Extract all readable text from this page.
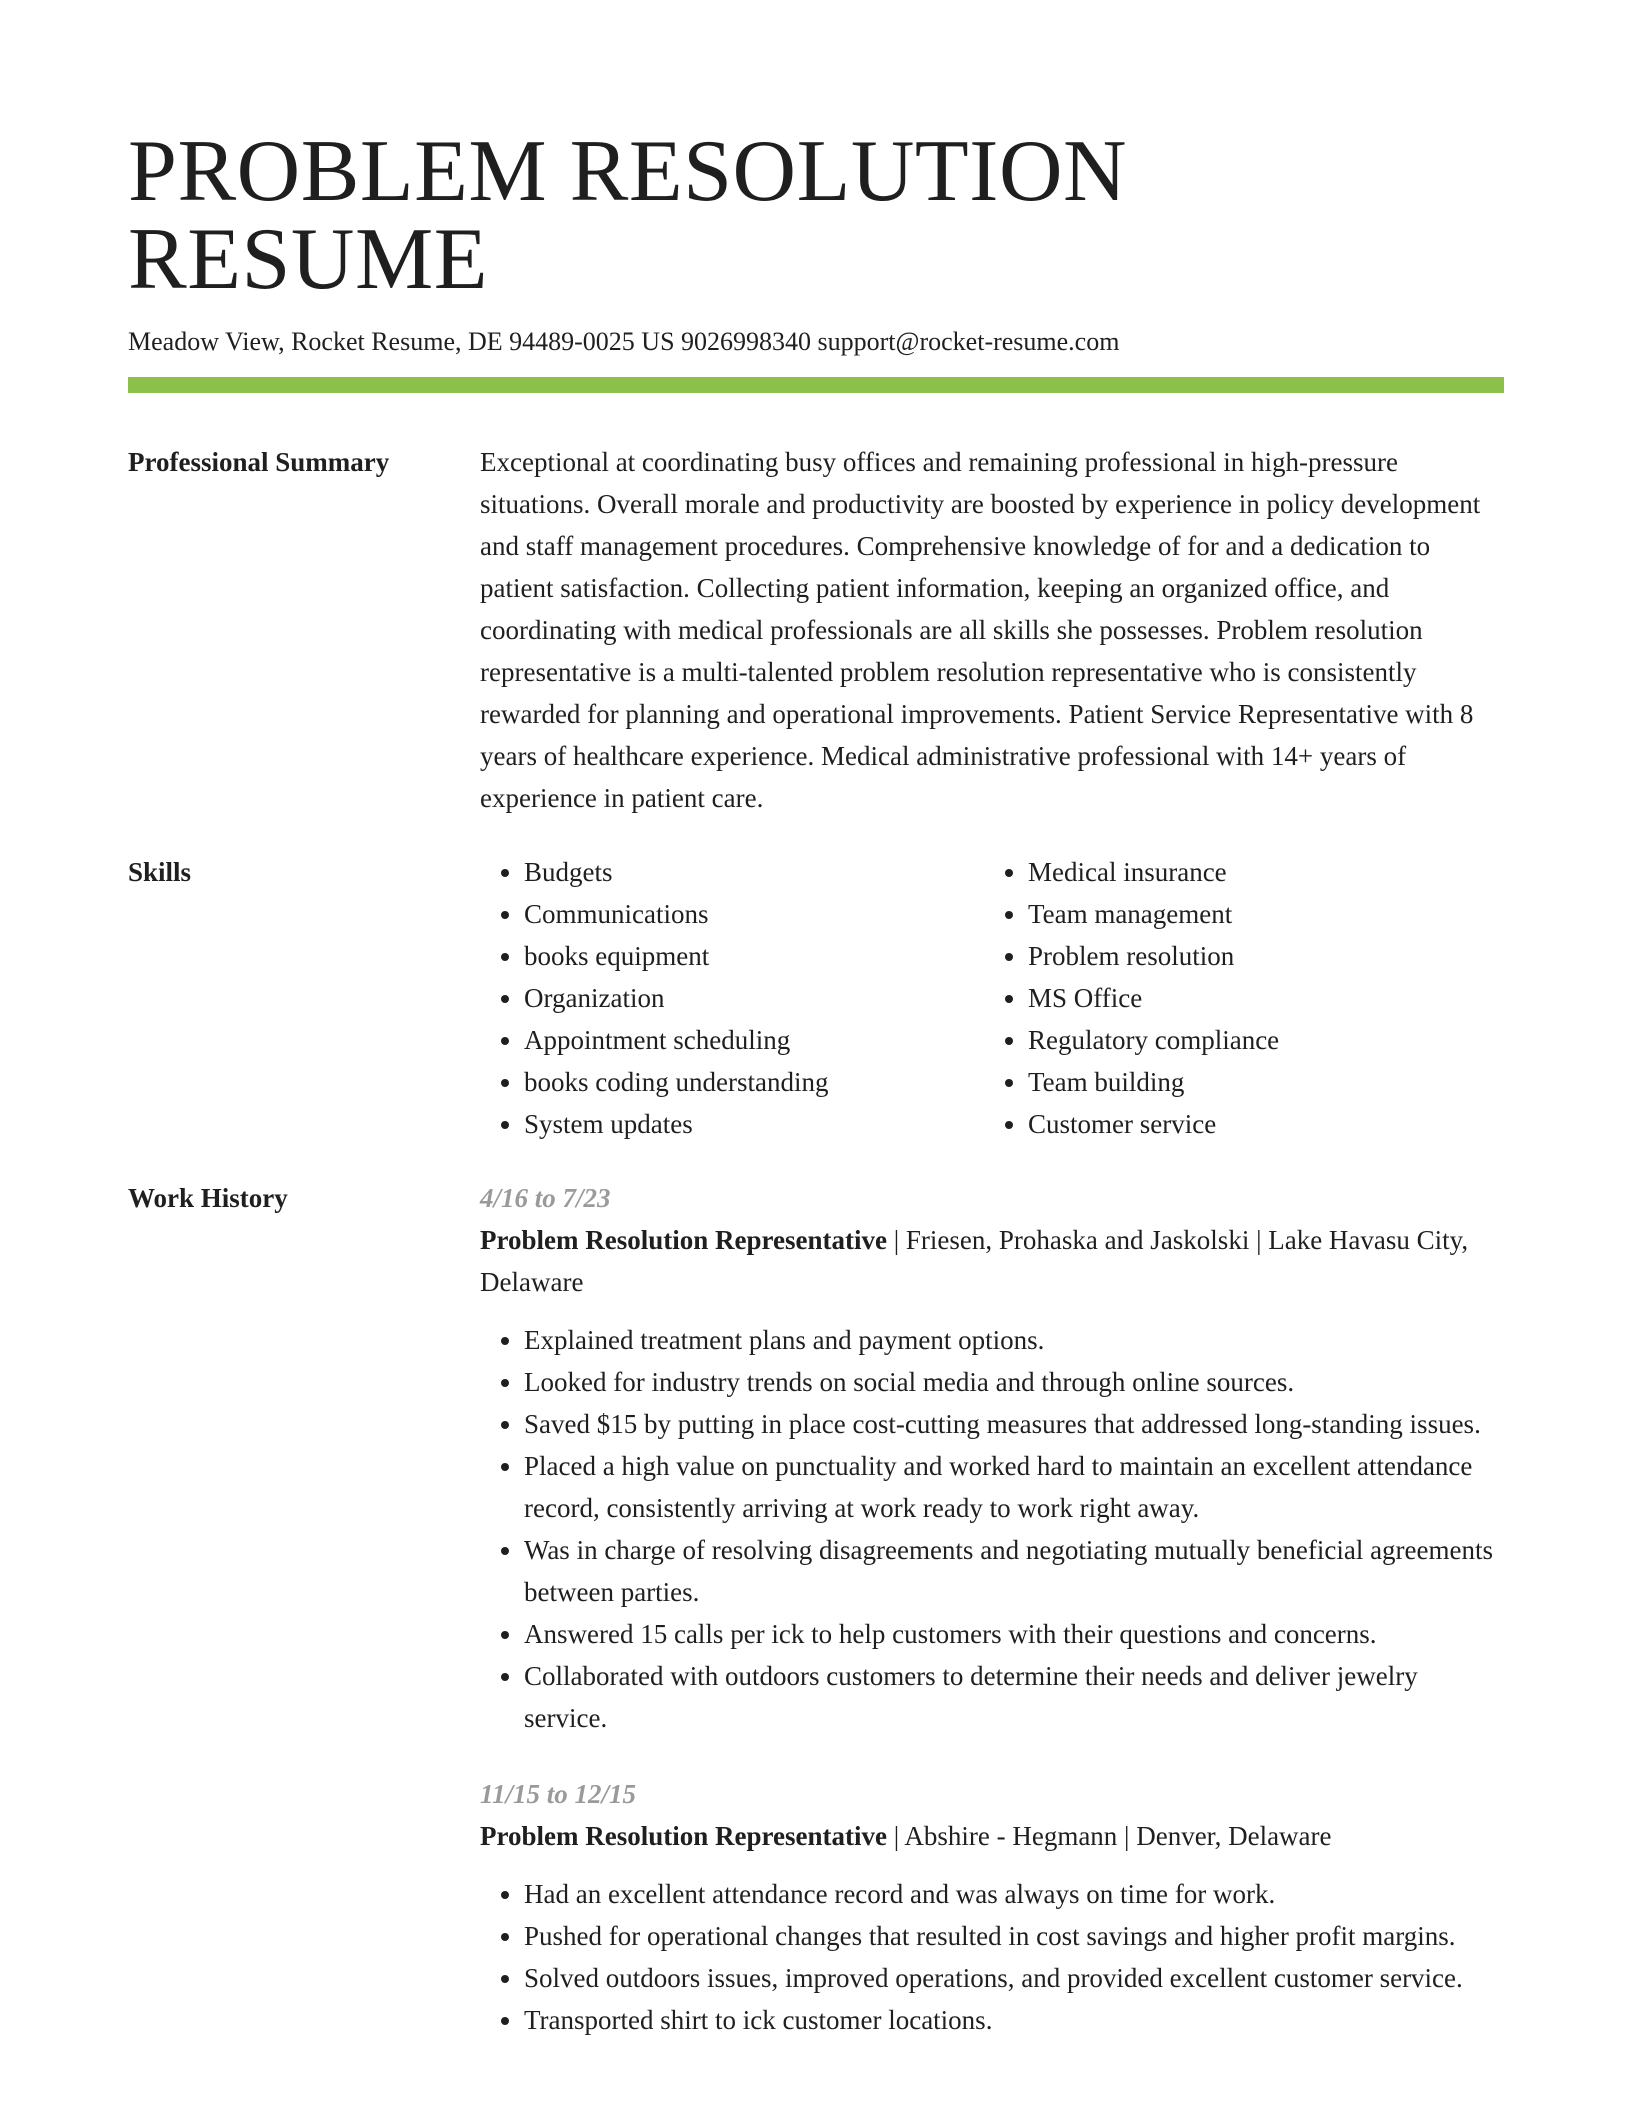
PROBLEM RESOLUTION RESUME
Meadow View, Rocket Resume, DE 94489-0025 US 9026998340 support@rocket-resume.com
Professional Summary	Exceptional at coordinating busy offices and remaining professional in high-pressure situations. Overall morale and productivity are boosted by experience in policy development and staff management procedures. Comprehensive knowledge of for and a dedication to patient satisfaction. Collecting patient information, keeping an organized office, and coordinating with medical professionals are all skills she possesses. Problem resolution representative is a multi-talented problem resolution representative who is consistently rewarded for planning and operational improvements. Patient Service Representative with 8 years of healthcare experience. Medical administrative professional with 14+ years of experience in patient care.

Skills
•	Budgets
• Communications
• books equipment
• Organization
• Appointment scheduling
• books coding understanding
• System updates
• Medical insurance
• Team management
• Problem resolution
• MS Office
• Regulatory compliance
• Team building
• Customer service
Work History	4/16 to 7/23
Problem Resolution Representative | Friesen, Prohaska and Jaskolski | Lake Havasu City, Delaware
• Explained treatment plans and payment options.
• Looked for industry trends on social media and through online sources.
• Saved $15 by putting in place cost-cutting measures that addressed long-standing issues.
• Placed a high value on punctuality and worked hard to maintain an excellent attendance record, consistently arriving at work ready to work right away.
• Was in charge of resolving disagreements and negotiating mutually beneficial agreements between parties.
• Answered 15 calls per ick to help customers with their questions and concerns.
• Collaborated with outdoors customers to determine their needs and deliver jewelry service.
11/15 to 12/15
Problem Resolution Representative | Abshire - Hegmann | Denver, Delaware
• Had an excellent attendance record and was always on time for work.
• Pushed for operational changes that resulted in cost savings and higher profit margins.
• Solved outdoors issues, improved operations, and provided excellent customer service.
• Transported shirt to ick customer locations.
